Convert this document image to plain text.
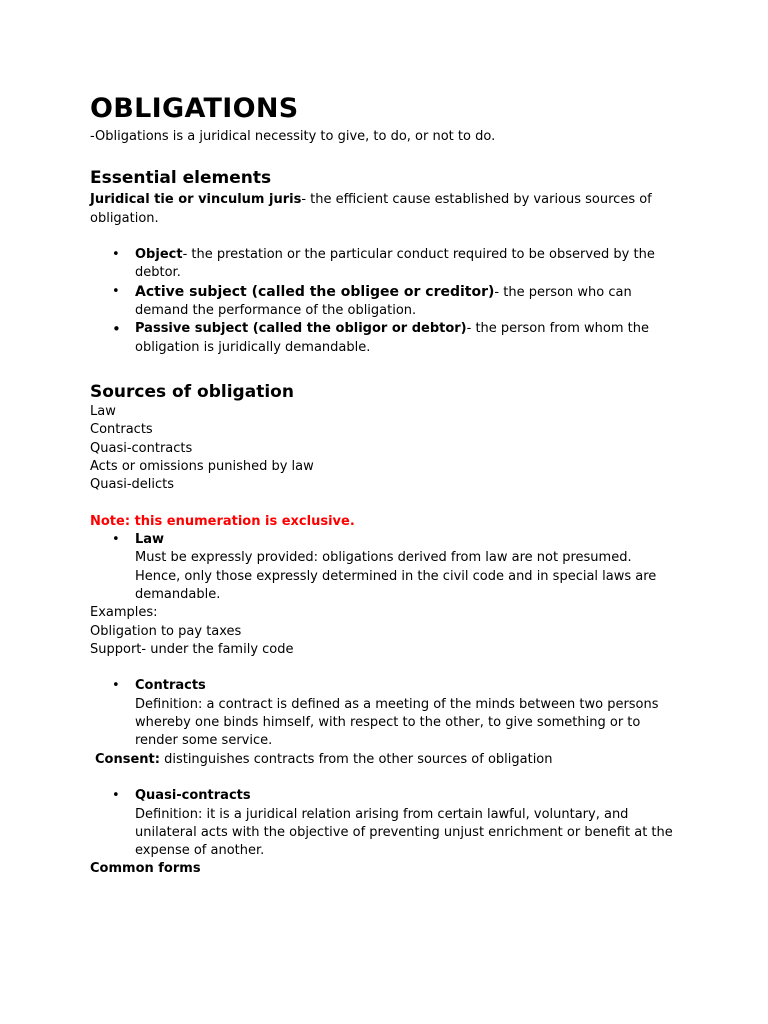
OBLIGATIONS

-Obligations is a juridical necessity to give, to do, or not to do.

Essential elements

Juridical tie or vinculum juris- the efficient cause established by various sources of obligation.

• Object- the prestation or the particular conduct required to be observed by the debtor.
• Active subject (called the obligee or creditor)- the person who can demand the performance of the obligation.
• Passive subject (called the obligor or debtor)- the person from whom the obligation is juridically demandable.
Sources of obligation

Law

Contracts

Quasi-contracts

Acts or omissions punished by law

Quasi-delicts

Note: this enumeration is exclusive.

• Law
Must be expressly provided: obligations derived from law are not presumed. Hence, only those expressly determined in the civil code and in special laws are demandable.

Examples:

Obligation to pay taxes

Support- under the family code

• Contracts
Definition: a contract is defined as a meeting of the minds between two persons whereby one binds himself, with respect to the other, to give something or to render some service.

Consent: distinguishes contracts from the other sources of obligation

• Quasi-contracts
Definition: it is a juridical relation arising from certain lawful, voluntary, and unilateral acts with the objective of preventing unjust enrichment or benefit at the expense of another.

Common forms
